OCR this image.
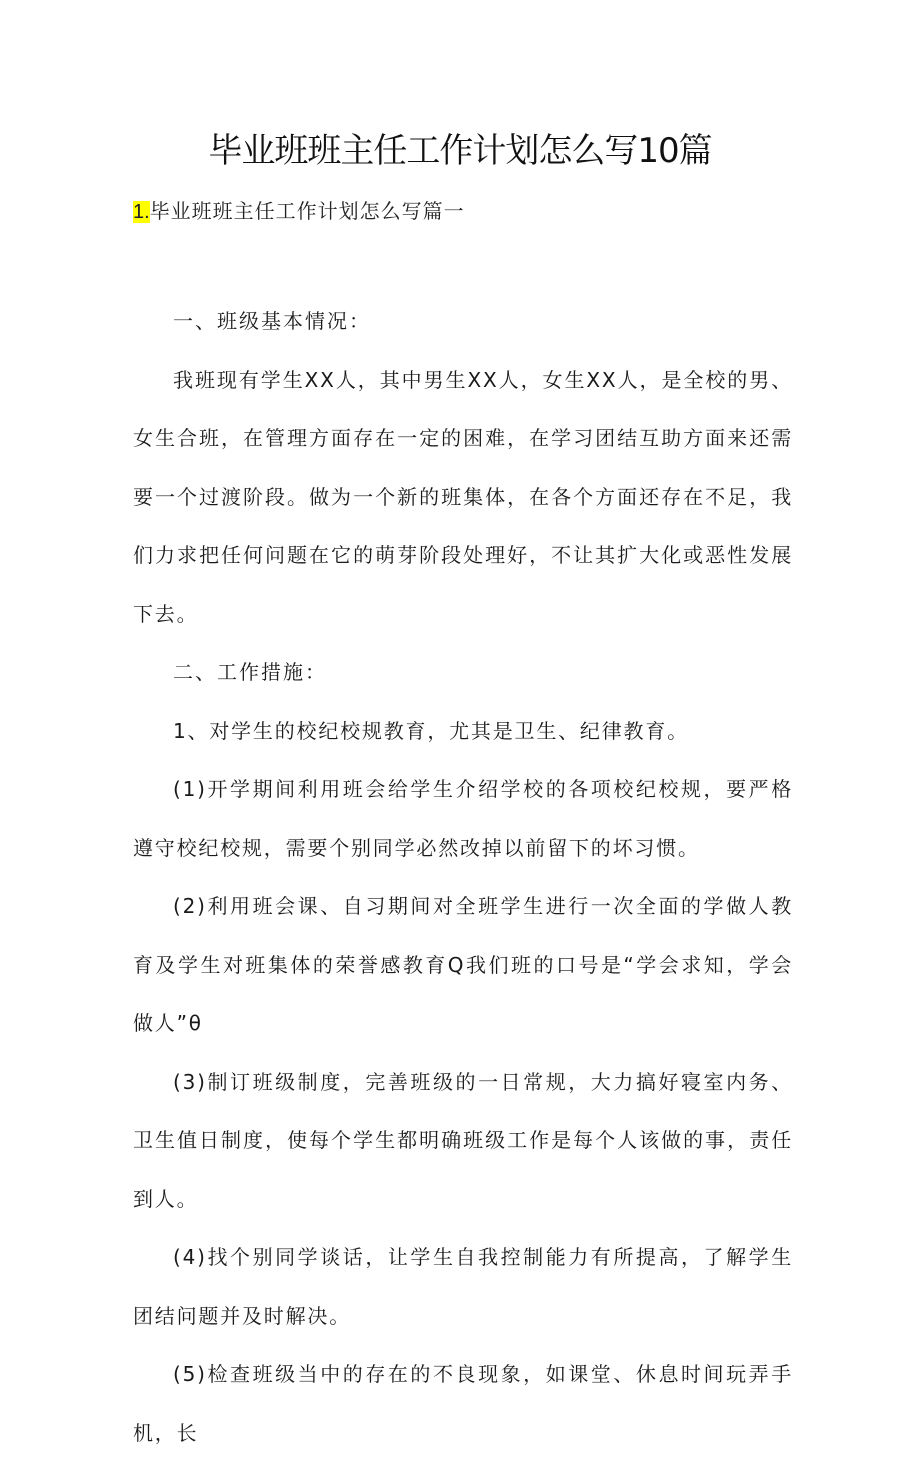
毕业班班主任工作计划怎么写10篇
1.毕业班班主任工作计划怎么写篇一

一、班级基本情况：

我班现有学生XX人，其中男生XX人，女生XX人，是全校的男、女生合班，在管理方面存在一定的困难，在学习团结互助方面来还需要一个过渡阶段。做为一个新的班集体，在各个方面还存在不足，我们力求把任何问题在它的萌芽阶段处理好，不让其扩大化或恶性发展下去。

二、工作措施：

1、对学生的校纪校规教育，尤其是卫生、纪律教育。

(1)开学期间利用班会给学生介绍学校的各项校纪校规，要严格遵守校纪校规，需要个别同学必然改掉以前留下的坏习惯。

(2)利用班会课、自习期间对全班学生进行一次全面的学做人教育及学生对班集体的荣誉感教育Q我们班的口号是“学会求知，学会做人”θ

(3)制订班级制度，完善班级的一日常规，大力搞好寝室内务、卫生值日制度，使每个学生都明确班级工作是每个人该做的事，责任到人。

(4)找个别同学谈话，让学生自我控制能力有所提高，了解学生团结问题并及时解决。

(5)检查班级当中的存在的不良现象，如课堂、休息时间玩弄手机，长
